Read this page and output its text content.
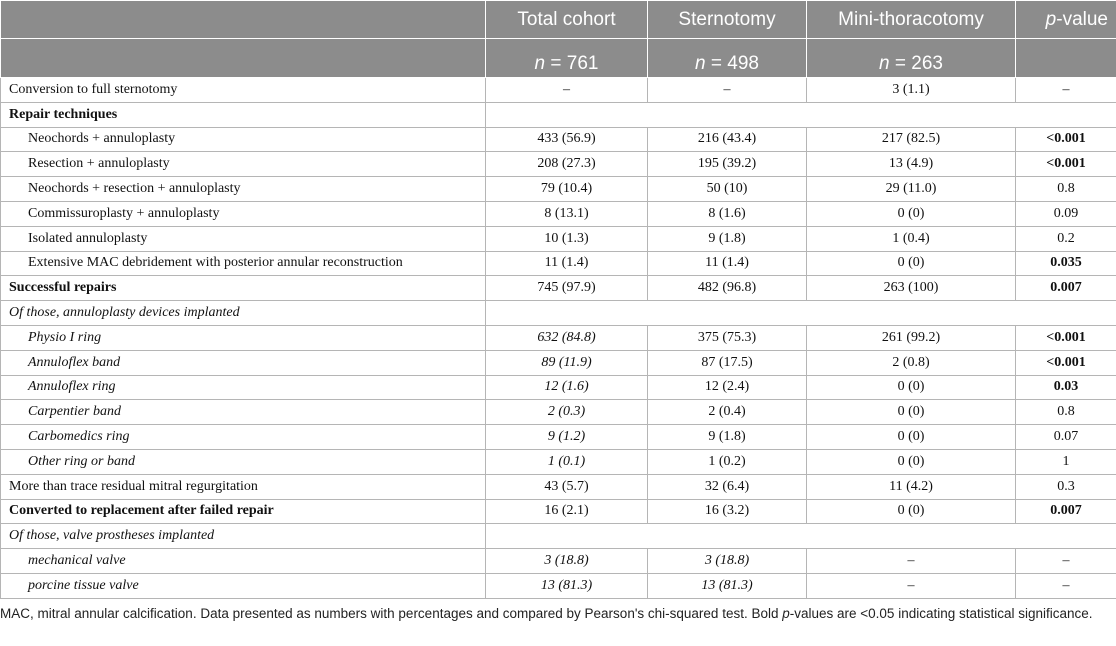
	Total cohort	Sternotomy	Mini-thoracotomy	p-value
	n = 761	n = 498	n = 263	
Conversion to full sternotomy	–	–	3 (1.1)	–
Repair techniques				
Neochords + annuloplasty	433 (56.9)	216 (43.4)	217 (82.5)	<0.001
Resection + annuloplasty	208 (27.3)	195 (39.2)	13 (4.9)	<0.001
Neochords + resection + annuloplasty	79 (10.4)	50 (10)	29 (11.0)	0.8
Commissuroplasty + annuloplasty	8 (13.1)	8 (1.6)	0 (0)	0.09
Isolated annuloplasty	10 (1.3)	9 (1.8)	1 (0.4)	0.2
Extensive MAC debridement with posterior annular reconstruction	11 (1.4)	11 (1.4)	0 (0)	0.035
Successful repairs	745 (97.9)	482 (96.8)	263 (100)	0.007
Of those, annuloplasty devices implanted				
Physio I ring	632 (84.8)	375 (75.3)	261 (99.2)	<0.001
Annuloflex band	89 (11.9)	87 (17.5)	2 (0.8)	<0.001
Annuloflex ring	12 (1.6)	12 (2.4)	0 (0)	0.03
Carpentier band	2 (0.3)	2 (0.4)	0 (0)	0.8
Carbomedics ring	9 (1.2)	9 (1.8)	0 (0)	0.07
Other ring or band	1 (0.1)	1 (0.2)	0 (0)	1
More than trace residual mitral regurgitation	43 (5.7)	32 (6.4)	11 (4.2)	0.3
Converted to replacement after failed repair	16 (2.1)	16 (3.2)	0 (0)	0.007
Of those, valve prostheses implanted				
mechanical valve	3 (18.8)	3 (18.8)	–	–
porcine tissue valve	13 (81.3)	13 (81.3)	–	–
MAC, mitral annular calcification. Data presented as numbers with percentages and compared by Pearson's chi-squared test. Bold p-values are <0.05 indicating statistical significance.
